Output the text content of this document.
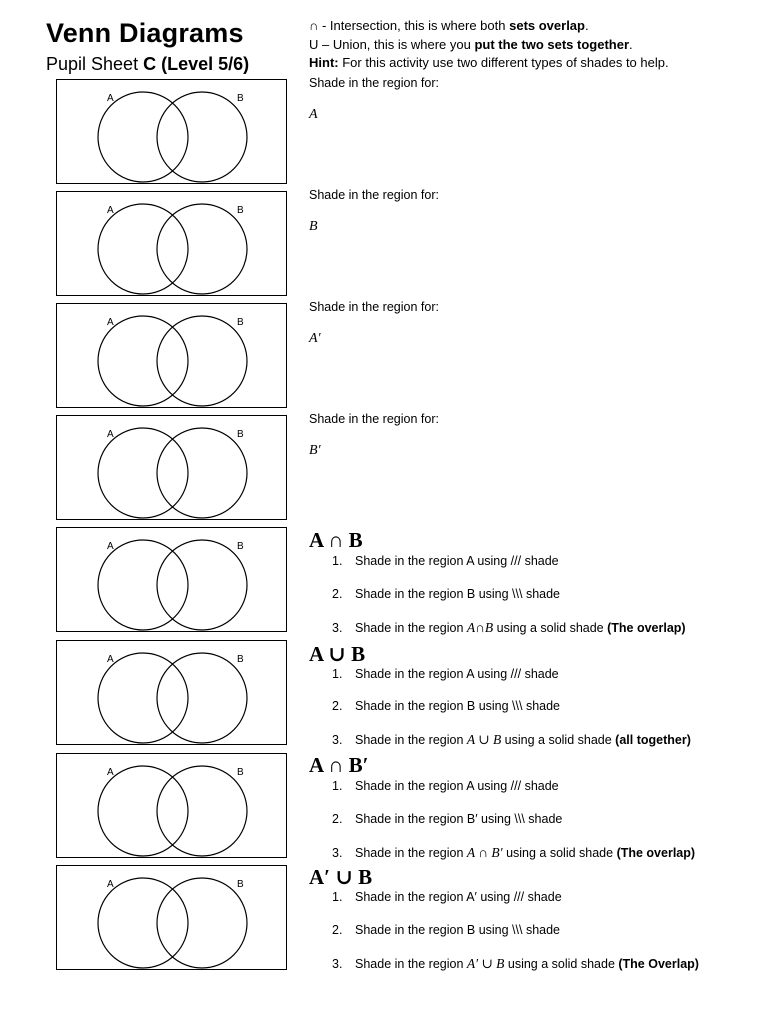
Venn Diagrams

Pupil Sheet C (Level 5/6)

∩ - Intersection, this is where both sets overlap.
U – Union, this is where you put the two sets together.
Hint: For this activity use two different types of shades to help.
A	B
A	B
A	B
A	B
A	B
A	B
A	B
A	B
Shade in the region for:
A
Shade in the region for:
B
Shade in the region for:
A′
Shade in the region for:
B′
A ∩ B
1. Shade in the region A using /// shade
2. Shade in the region B using \\\ shade
3. Shade in the region A∩B using a solid shade (The overlap)
A ∪ B
1. Shade in the region A using /// shade
2. Shade in the region B using \\\ shade
3. Shade in the region A ∪ B using a solid shade (all together)
A ∩ B′
1. Shade in the region A using /// shade
2. Shade in the region B′ using \\\ shade
3. Shade in the region A ∩ B′ using a solid shade (The overlap)
A′ ∪ B
1. Shade in the region A′ using /// shade
2. Shade in the region B using \\\ shade
3. Shade in the region A′ ∪ B using a solid shade (The Overlap)
